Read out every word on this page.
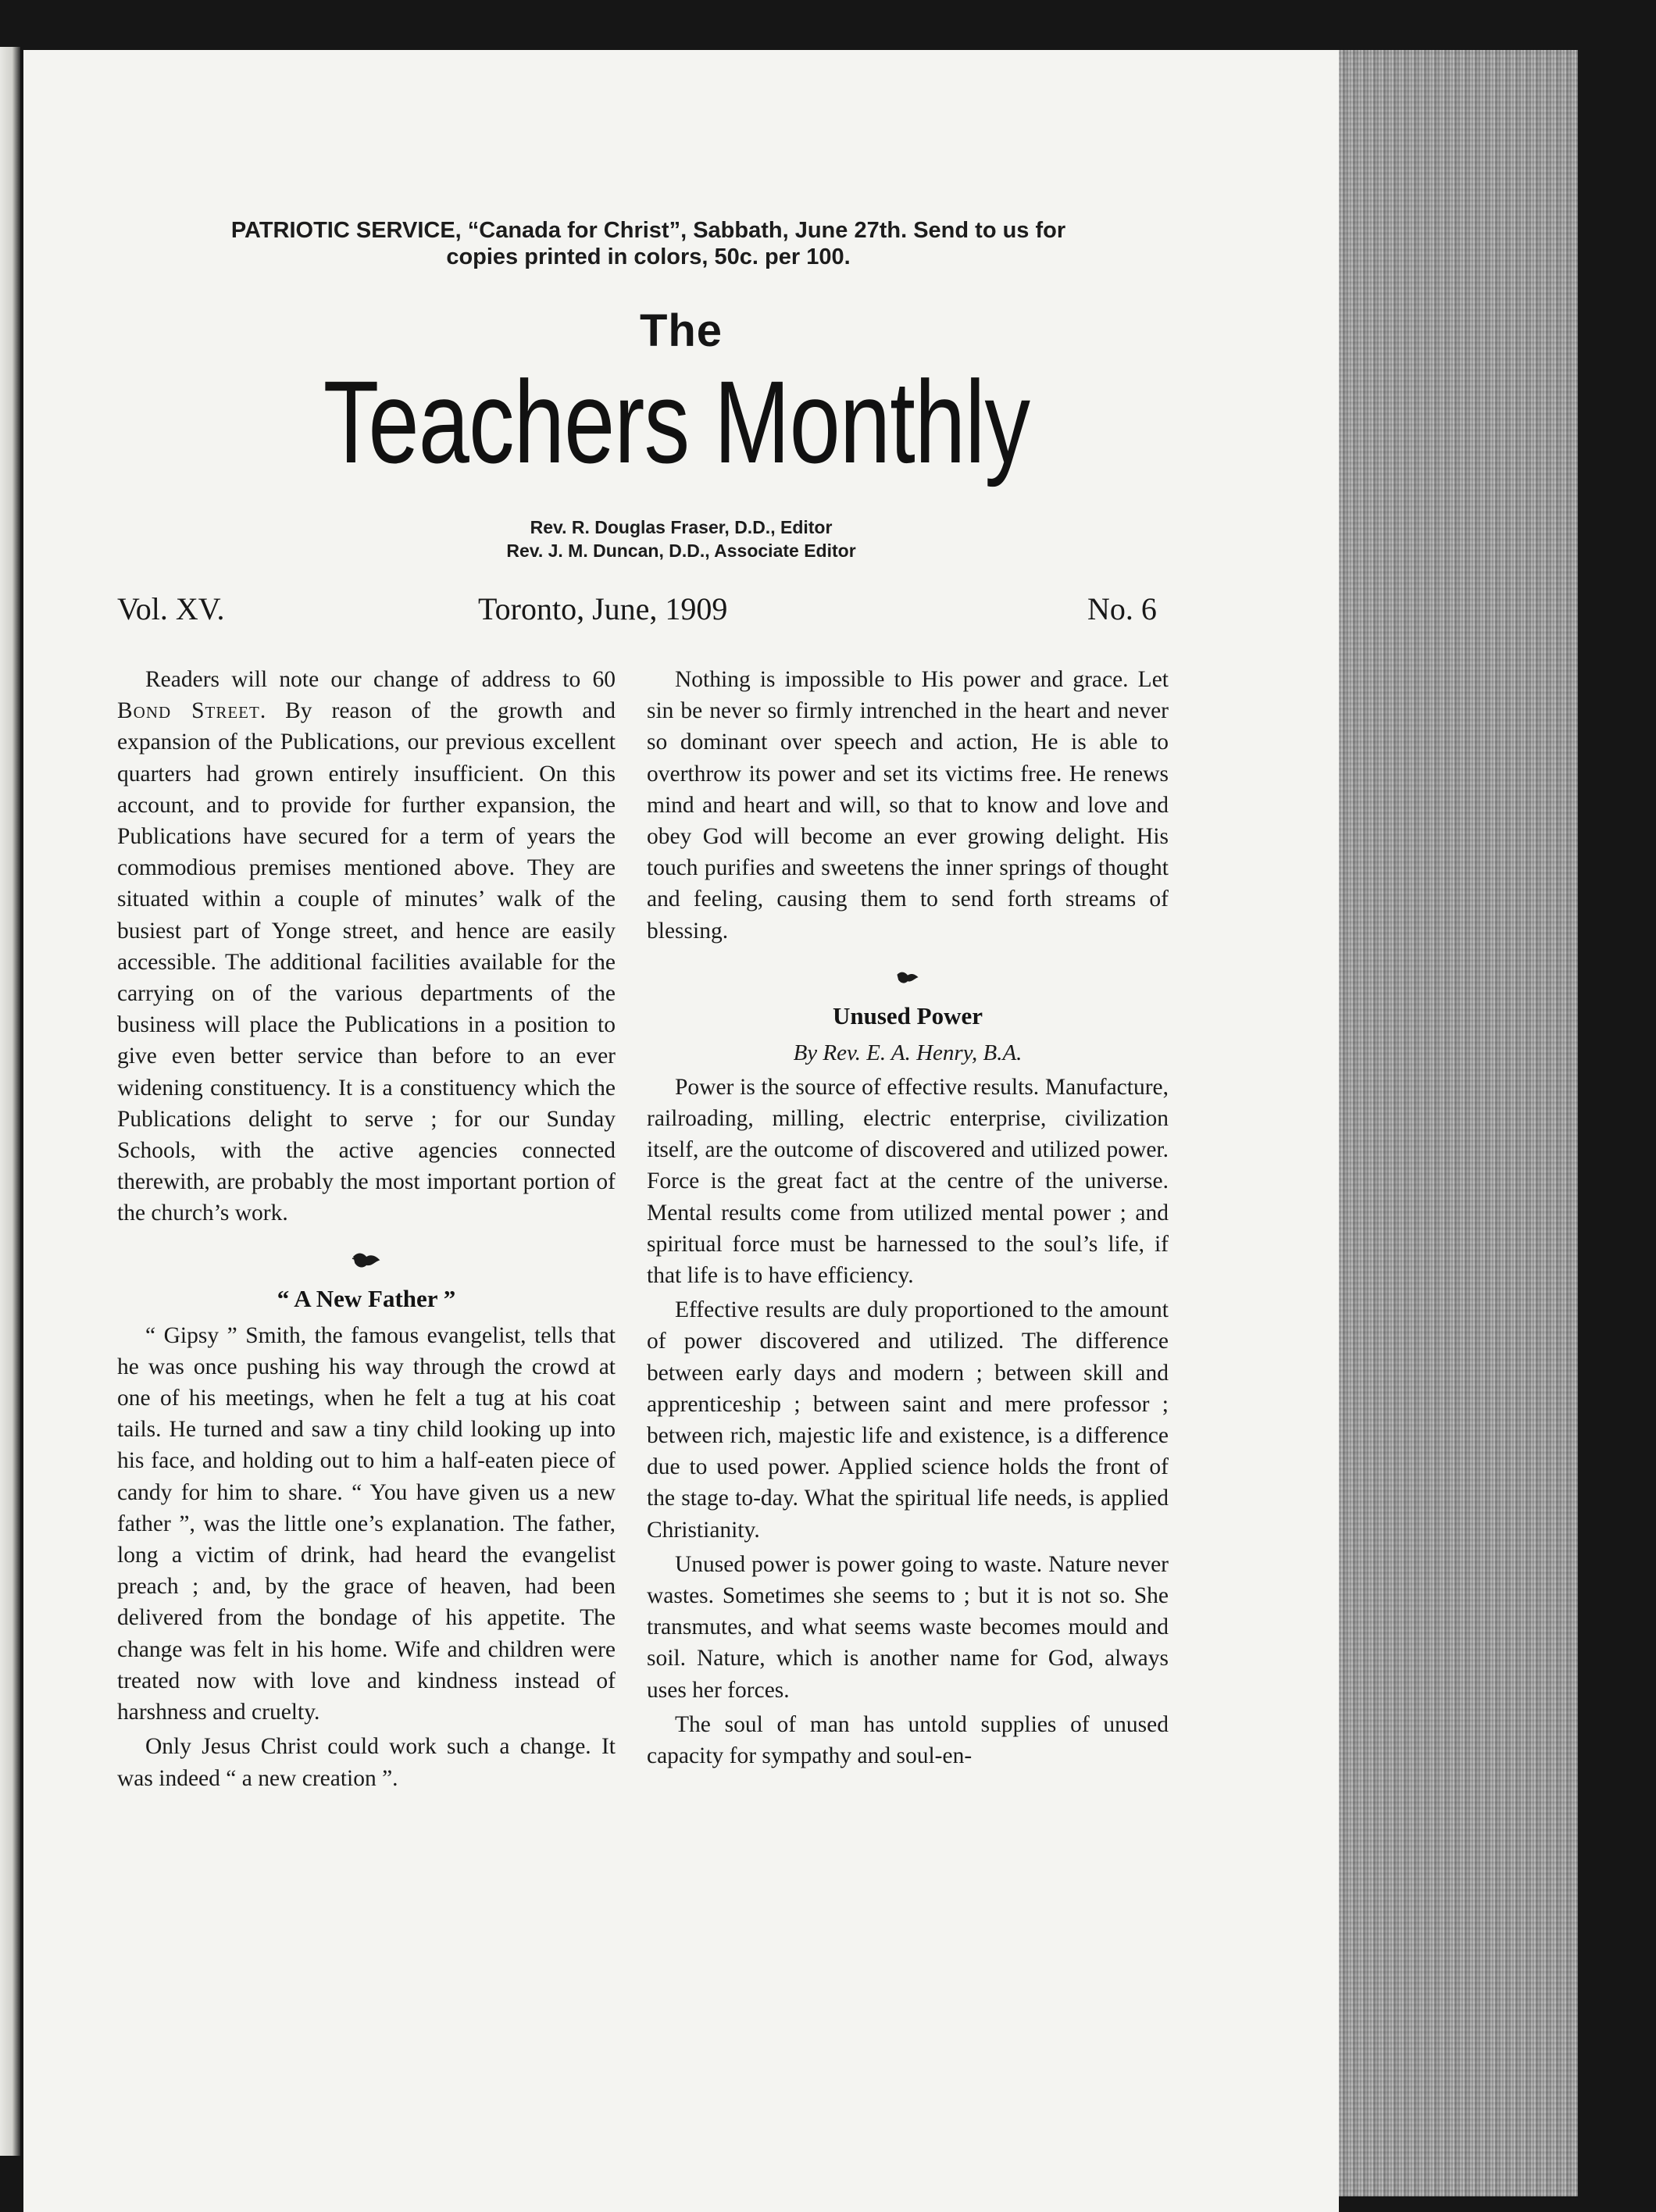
PATRIOTIC SERVICE, “Canada for Christ”, Sabbath, June 27th. Send to us for
copies printed in colors, 50c. per 100.
The
Teachers Monthly
Rev. R. Douglas Fraser, D.D., Editor
Rev. J. M. Duncan, D.D., Associate Editor
Vol. XV.	Toronto, June, 1909	No. 6

Readers will note our change of address to 60 Bond Street. By reason of the growth and expansion of the Publications, our previous excellent quarters had grown entirely insufficient. On this account, and to provide for further expansion, the Publications have secured for a term of years the commodious premises mentioned above. They are situated within a couple of minutes’ walk of the busiest part of Yonge street, and hence are easily accessible. The additional facilities available for the carrying on of the various departments of the business will place the Publications in a position to give even better service than before to an ever widening constituency. It is a constituency which the Publications delight to serve ; for our Sunday Schools, with the active agencies connected therewith, are probably the most important portion of the church’s work.

“ A New Father ”

“ Gipsy ” Smith, the famous evangelist, tells that he was once pushing his way through the crowd at one of his meetings, when he felt a tug at his coat tails. He turned and saw a tiny child looking up into his face, and holding out to him a half-eaten piece of candy for him to share. “ You have given us a new father ”, was the little one’s explanation. The father, long a victim of drink, had heard the evangelist preach ; and, by the grace of heaven, had been delivered from the bondage of his appetite. The change was felt in his home. Wife and children were treated now with love and kindness instead of harshness and cruelty.

Only Jesus Christ could work such a change. It was indeed “ a new creation ”.

Nothing is impossible to His power and grace. Let sin be never so firmly intrenched in the heart and never so dominant over speech and action, He is able to overthrow its power and set its victims free. He renews mind and heart and will, so that to know and love and obey God will become an ever growing delight. His touch purifies and sweetens the inner springs of thought and feeling, causing them to send forth streams of blessing.

Unused Power
By Rev. E. A. Henry, B.A.

Power is the source of effective results. Manufacture, railroading, milling, electric enterprise, civilization itself, are the outcome of discovered and utilized power. Force is the great fact at the centre of the universe. Mental results come from utilized mental power ; and spiritual force must be harnessed to the soul’s life, if that life is to have efficiency.

Effective results are duly proportioned to the amount of power discovered and utilized. The difference between early days and modern ; between skill and apprenticeship ; between saint and mere professor ; between rich, majestic life and existence, is a difference due to used power. Applied science holds the front of the stage to-day. What the spiritual life needs, is applied Christianity.

Unused power is power going to waste. Nature never wastes. Sometimes she seems to ; but it is not so. She transmutes, and what seems waste becomes mould and soil. Nature, which is another name for God, always uses her forces.

The soul of man has untold supplies of unused capacity for sympathy and soul-en-
